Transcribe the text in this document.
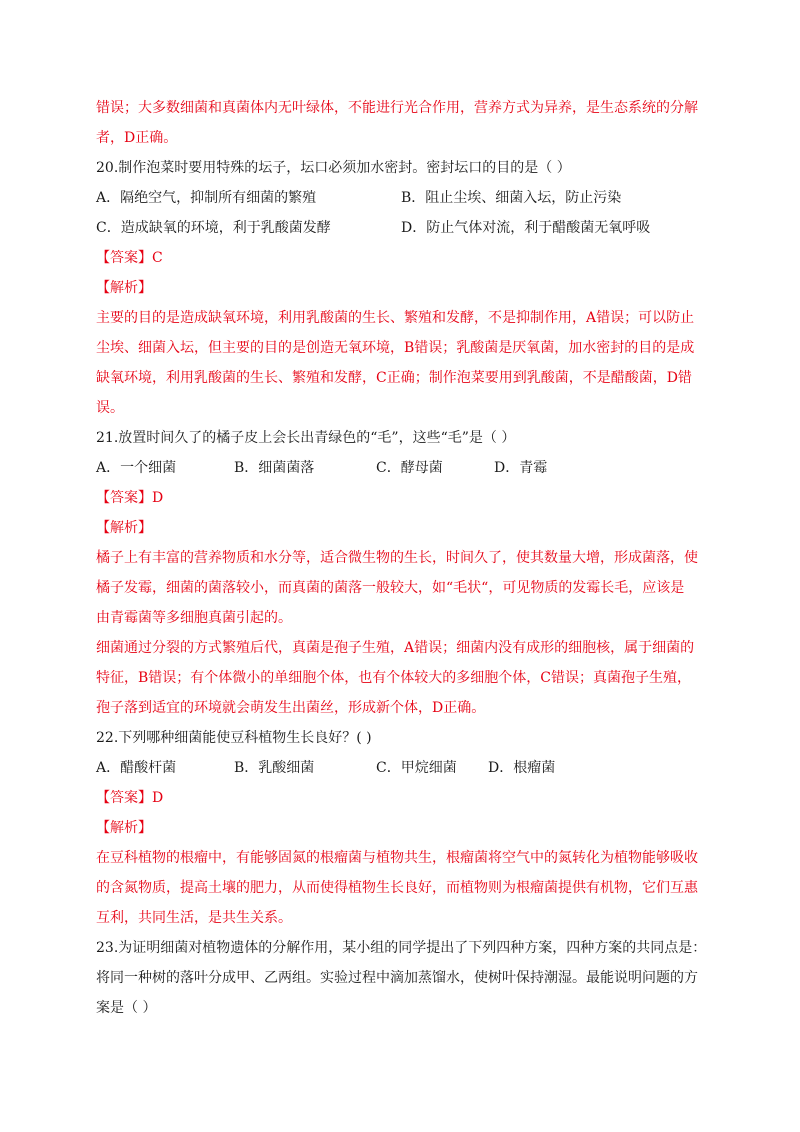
错误；大多数细菌和真菌体内无叶绿体，不能进行光合作用，营养方式为异养，是生态系统的分解
者，D正确。
20.制作泡菜时要用特殊的坛子，坛口必须加水密封。密封坛口的目的是（ ）
A．隔绝空气，抑制所有细菌的繁殖	B．阻止尘埃、细菌入坛，防止污染
C．造成缺氧的环境，利于乳酸菌发酵	D．防止气体对流，利于醋酸菌无氧呼吸
【答案】C
【解析】
主要的目的是造成缺氧环境，利用乳酸菌的生长、繁殖和发酵，不是抑制作用，A错误；可以防止
尘埃、细菌入坛，但主要的目的是创造无氧环境，B错误；乳酸菌是厌氧菌，加水密封的目的是成
缺氧环境，利用乳酸菌的生长、繁殖和发酵，C正确；制作泡菜要用到乳酸菌，不是醋酸菌，D错
误。
21.放置时间久了的橘子皮上会长出青绿色的“毛”，这些“毛”是（ ）
A．一个细菌	B．细菌菌落	C．酵母菌	D．青霉
【答案】D
【解析】
橘子上有丰富的营养物质和水分等，适合微生物的生长，时间久了，使其数量大增，形成菌落，使
橘子发霉，细菌的菌落较小，而真菌的菌落一般较大，如“毛状“，可见物质的发霉长毛，应该是
由青霉菌等多细胞真菌引起的。
细菌通过分裂的方式繁殖后代，真菌是孢子生殖，A错误；细菌内没有成形的细胞核，属于细菌的
特征，B错误；有个体微小的单细胞个体，也有个体较大的多细胞个体，C错误；真菌孢子生殖，
孢子落到适宜的环境就会萌发生出菌丝，形成新个体，D正确。
22.下列哪种细菌能使豆科植物生长良好？( )
A．醋酸杆菌	B．乳酸细菌	C．甲烷细菌	D．根瘤菌
【答案】D
【解析】
在豆科植物的根瘤中，有能够固氮的根瘤菌与植物共生，根瘤菌将空气中的氮转化为植物能够吸收
的含氮物质，提高土壤的肥力，从而使得植物生长良好，而植物则为根瘤菌提供有机物，它们互惠
互利，共同生活，是共生关系。
23.为证明细菌对植物遗体的分解作用，某小组的同学提出了下列四种方案，四种方案的共同点是：
将同一种树的落叶分成甲、乙两组。实验过程中滴加蒸馏水，使树叶保持潮湿。最能说明问题的方
案是（ ）
